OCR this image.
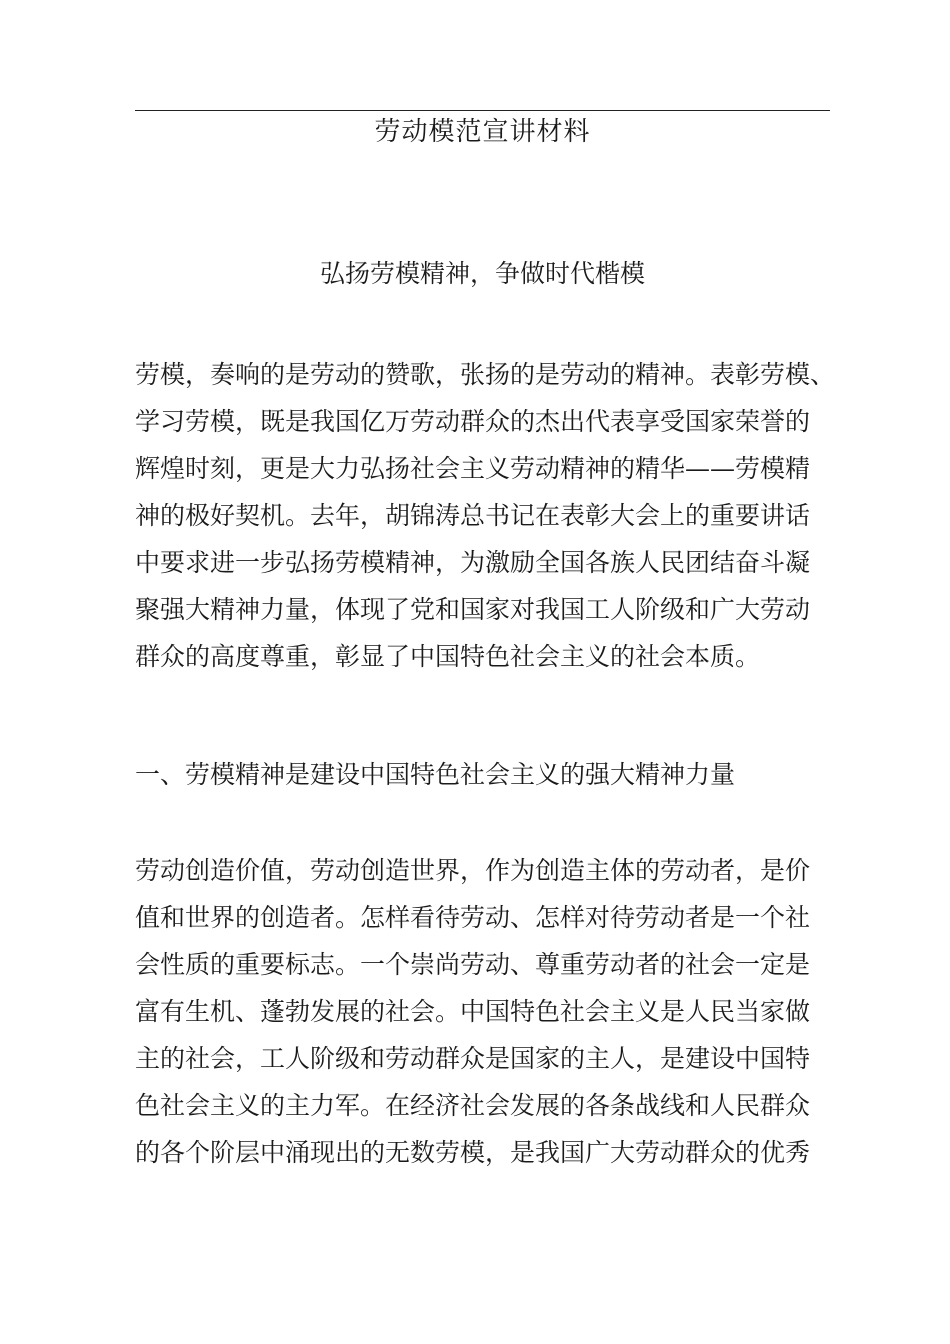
劳动模范宣讲材料
弘扬劳模精神，争做时代楷模
劳模，奏响的是劳动的赞歌，张扬的是劳动的精神。表彰劳模、
学习劳模，既是我国亿万劳动群众的杰出代表享受国家荣誉的
辉煌时刻，更是大力弘扬社会主义劳动精神的精华——劳模精
神的极好契机。去年，胡锦涛总书记在表彰大会上的重要讲话
中要求进一步弘扬劳模精神，为激励全国各族人民团结奋斗凝
聚强大精神力量，体现了党和国家对我国工人阶级和广大劳动
群众的高度尊重，彰显了中国特色社会主义的社会本质。
一、劳模精神是建设中国特色社会主义的强大精神力量
劳动创造价值，劳动创造世界，作为创造主体的劳动者，是价
值和世界的创造者。怎样看待劳动、怎样对待劳动者是一个社
会性质的重要标志。一个崇尚劳动、尊重劳动者的社会一定是
富有生机、蓬勃发展的社会。中国特色社会主义是人民当家做
主的社会，工人阶级和劳动群众是国家的主人，是建设中国特
色社会主义的主力军。在经济社会发展的各条战线和人民群众
的各个阶层中涌现出的无数劳模，是我国广大劳动群众的优秀
